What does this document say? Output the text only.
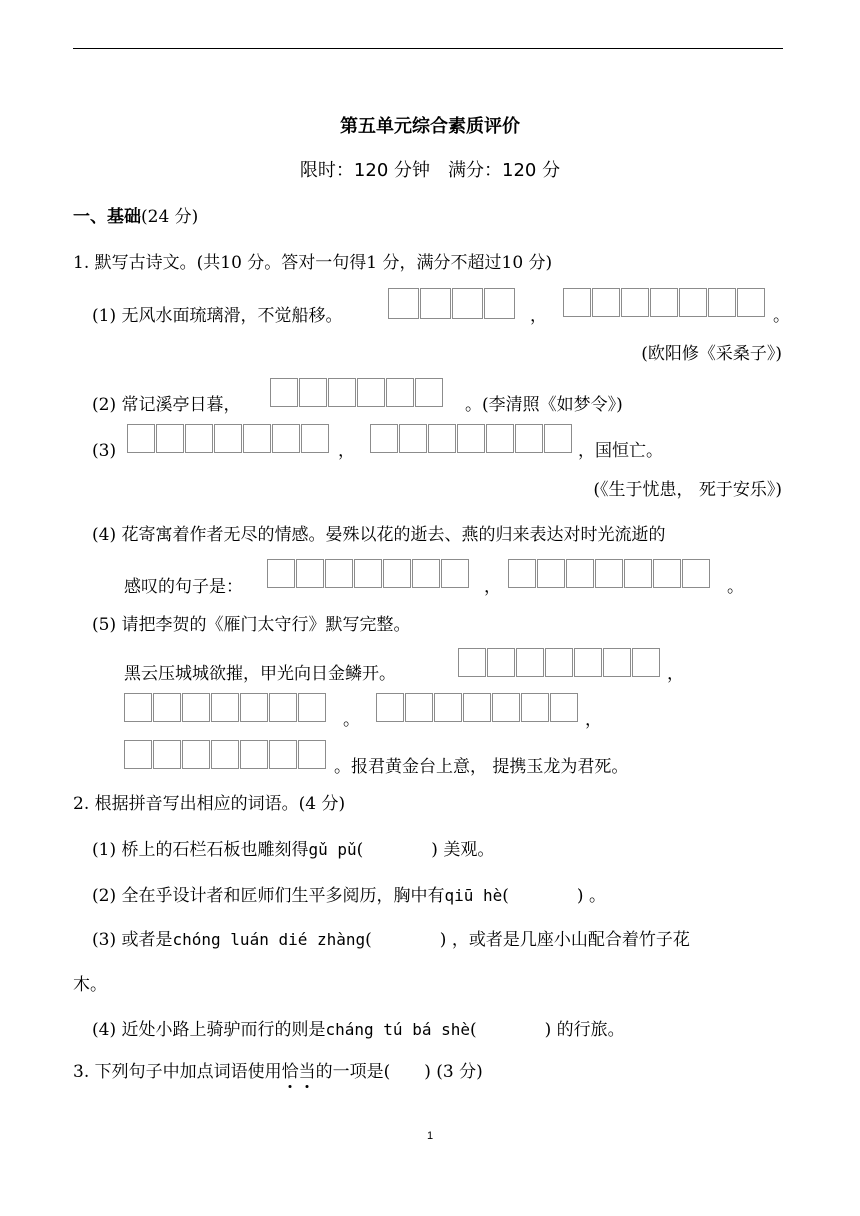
第五单元综合素质评价
限时：120 分钟　满分：120 分
一、基础(24 分)
1. 默写古诗文。(共10 分。答对一句得1 分，满分不超过10 分)
(1) 无风水面琉璃滑，不觉船移。	，	。
(欧阳修《采桑子》)
(2) 常记溪亭日暮，	。(李清照《如梦令》)
(3)	，	，国恒亡。
(《生于忧患， 死于安乐》)
(4) 花寄寓着作者无尽的情感。晏殊以花的逝去、燕的归来表达对时光流逝的
感叹的句子是：	，	。
(5) 请把李贺的《雁门太守行》默写完整。
黑云压城城欲摧，甲光向日金鳞开。	，
。	，
。报君黄金台上意， 提携玉龙为君死。
2. 根据拼音写出相应的词语。(4 分)
(1) 桥上的石栏石板也雕刻得gǔ pǔ(　　　　) 美观。
(2) 全在乎设计者和匠师们生平多阅历，胸中有qiū hè(　　　　) 。
(3) 或者是chóng luán dié zhàng(　　　　) ，或者是几座小山配合着竹子花
木。
(4) 近处小路上骑驴而行的则是cháng tú bá shè(　　　　) 的行旅。
3. 下列句子中加点词语使用恰当的一项是(　　) (3 分)
1
